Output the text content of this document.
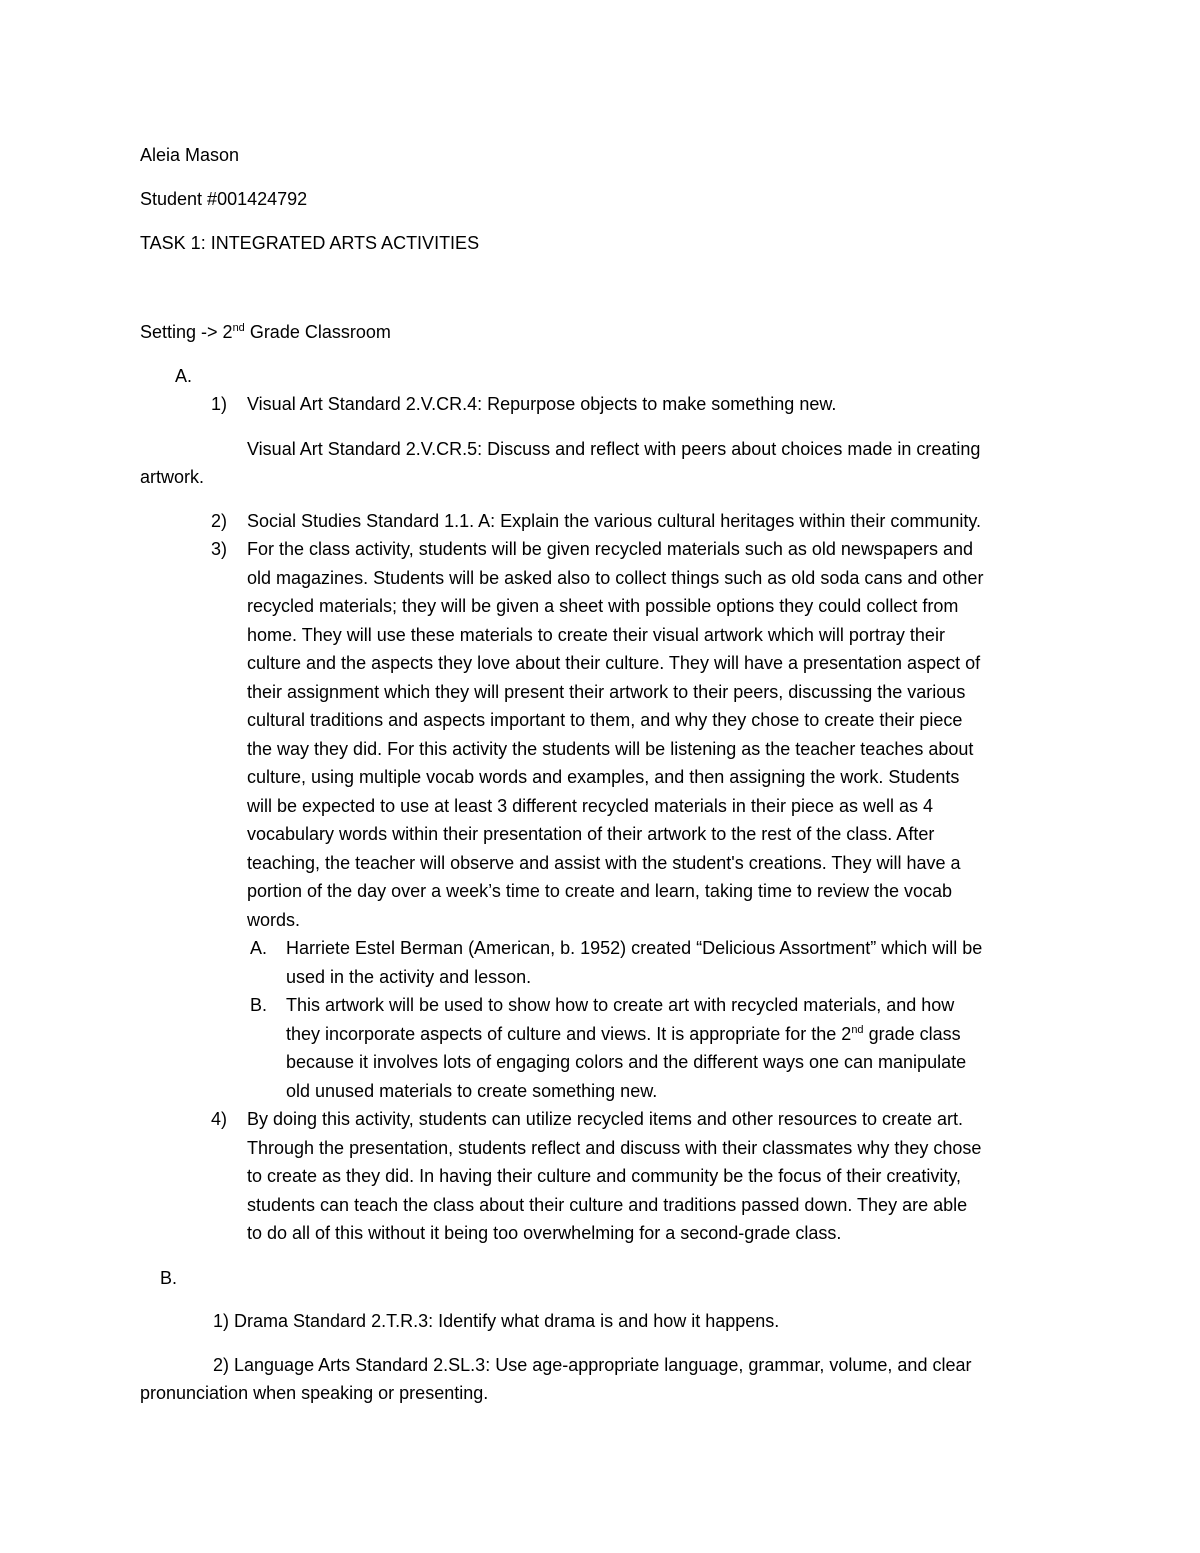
Aleia Mason

Student #001424792

TASK 1: INTEGRATED ARTS ACTIVITIES

Setting -> 2nd Grade Classroom

A.

1) Visual Art Standard 2.V.CR.4: Repurpose objects to make something new.

Visual Art Standard 2.V.CR.5: Discuss and reflect with peers about choices made in creating

artwork.

2) Social Studies Standard 1.1. A: Explain the various cultural heritages within their community.

3) For the class activity, students will be given recycled materials such as old newspapers and

old magazines. Students will be asked also to collect things such as old soda cans and other

recycled materials; they will be given a sheet with possible options they could collect from

home. They will use these materials to create their visual artwork which will portray their

culture and the aspects they love about their culture. They will have a presentation aspect of

their assignment which they will present their artwork to their peers, discussing the various

cultural traditions and aspects important to them, and why they chose to create their piece

the way they did. For this activity the students will be listening as the teacher teaches about

culture, using multiple vocab words and examples, and then assigning the work. Students

will be expected to use at least 3 different recycled materials in their piece as well as 4

vocabulary words within their presentation of their artwork to the rest of the class. After

teaching, the teacher will observe and assist with the student's creations. They will have a

portion of the day over a week’s time to create and learn, taking time to review the vocab

words.

A. Harriete Estel Berman (American, b. 1952) created “Delicious Assortment” which will be

used in the activity and lesson.

B. This artwork will be used to show how to create art with recycled materials, and how

they incorporate aspects of culture and views. It is appropriate for the 2nd grade class

because it involves lots of engaging colors and the different ways one can manipulate

old unused materials to create something new.

4) By doing this activity, students can utilize recycled items and other resources to create art.

Through the presentation, students reflect and discuss with their classmates why they chose

to create as they did. In having their culture and community be the focus of their creativity,

students can teach the class about their culture and traditions passed down. They are able

to do all of this without it being too overwhelming for a second-grade class.

B.

1) Drama Standard 2.T.R.3: Identify what drama is and how it happens.

2) Language Arts Standard 2.SL.3: Use age-appropriate language, grammar, volume, and clear

pronunciation when speaking or presenting.
